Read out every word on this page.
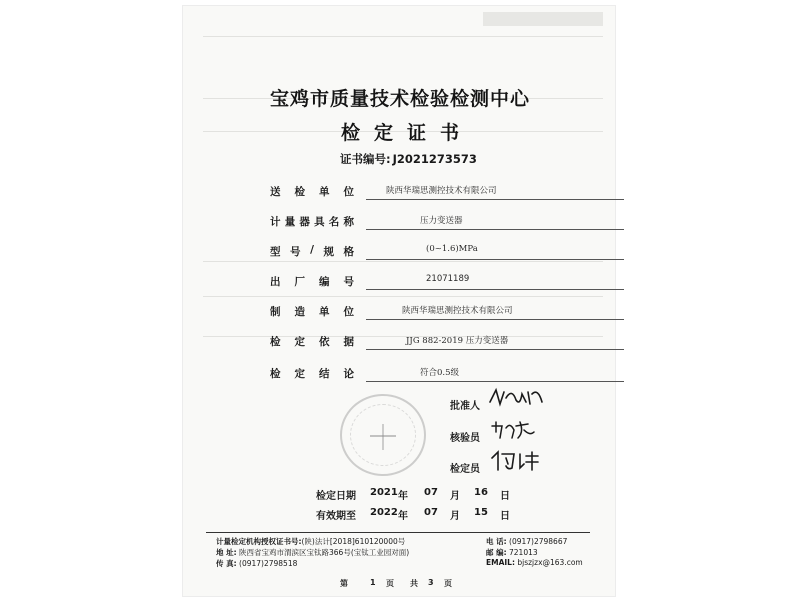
宝鸡市质量技术检验检测中心
检定证书
证书编号: J2021273573
送 检 单 位	陕西华瑞思测控技术有限公司
计 量 器 具 名 称	压力变送器
型 号 / 规 格	(0~1.6)MPa
出 厂 编 号	21071189
制 造 单 位	陕西华瑞思测控技术有限公司
检 定 依 据	JJG 882-2019 压力变送器
检 定 结 论	符合0.5级
批准人
核验员
检定员
检定日期 2021 年 07 月 16 日
有效期至 2022 年 07 月 15 日
计量检定机构授权证书号:(陕)法计[2018]610120000号	电 话: (0917)2798667
地 址: 陕西省宝鸡市渭滨区宝钛路366号(宝钛工业园对面)	邮 编: 721013
传 真: (0917)2798518	EMAIL: bjszjzx@163.com
第	1 页 共 3 页
